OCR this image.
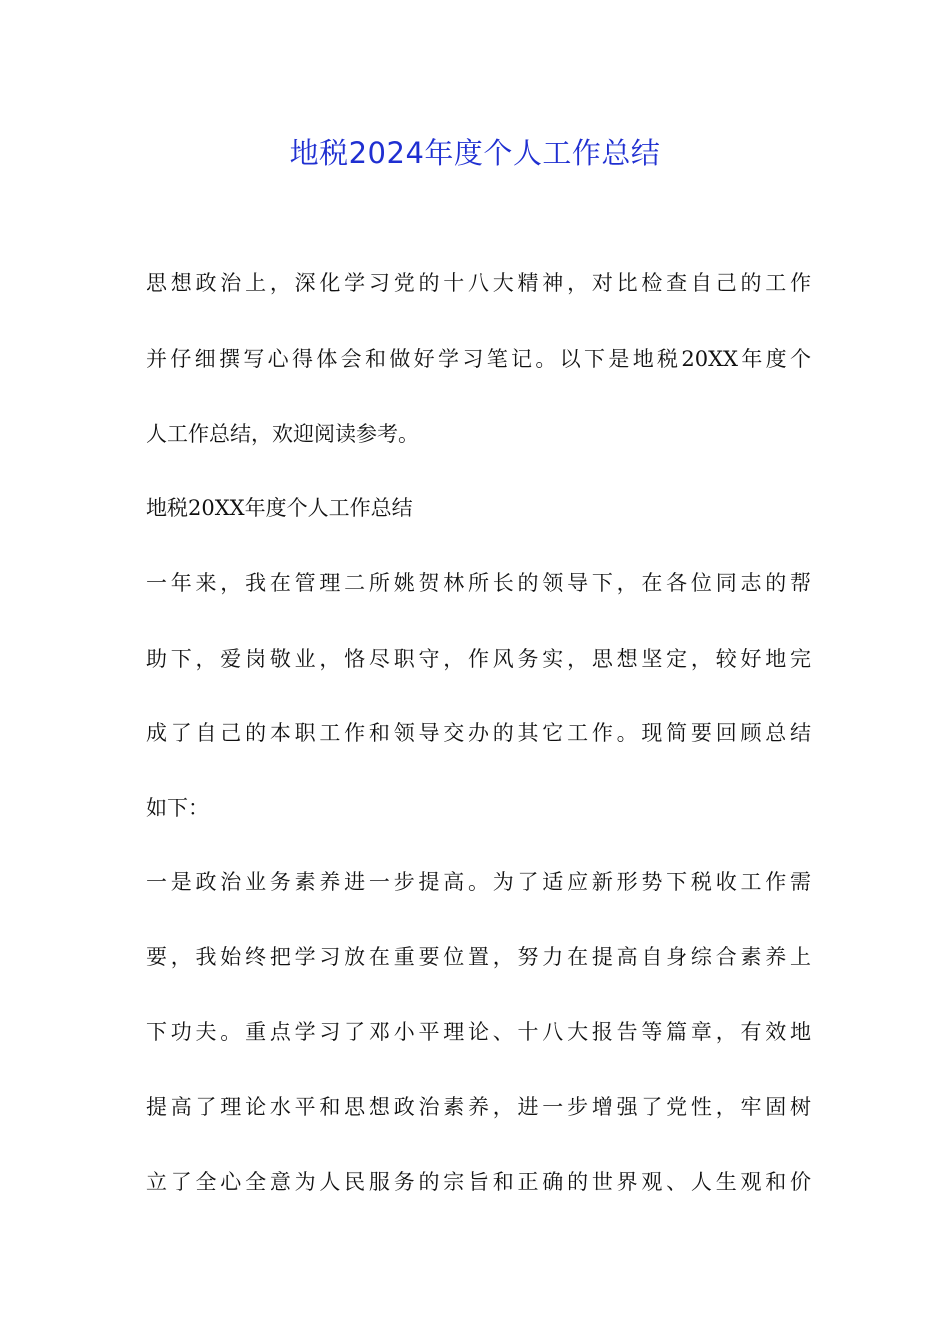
地税2024年度个人工作总结
思想政治上，深化学习党的十八大精神，对比检查自己的工作
并仔细撰写心得体会和做好学习笔记。以下是地税20XX年度个
人工作总结，欢迎阅读参考。
地税20XX年度个人工作总结
一年来，我在管理二所姚贺林所长的领导下，在各位同志的帮
助下，爱岗敬业，恪尽职守，作风务实，思想坚定，较好地完
成了自己的本职工作和领导交办的其它工作。现简要回顾总结
如下：
一是政治业务素养进一步提高。为了适应新形势下税收工作需
要，我始终把学习放在重要位置，努力在提高自身综合素养上
下功夫。重点学习了邓小平理论、十八大报告等篇章，有效地
提高了理论水平和思想政治素养，进一步增强了党性，牢固树
立了全心全意为人民服务的宗旨和正确的世界观、人生观和价
